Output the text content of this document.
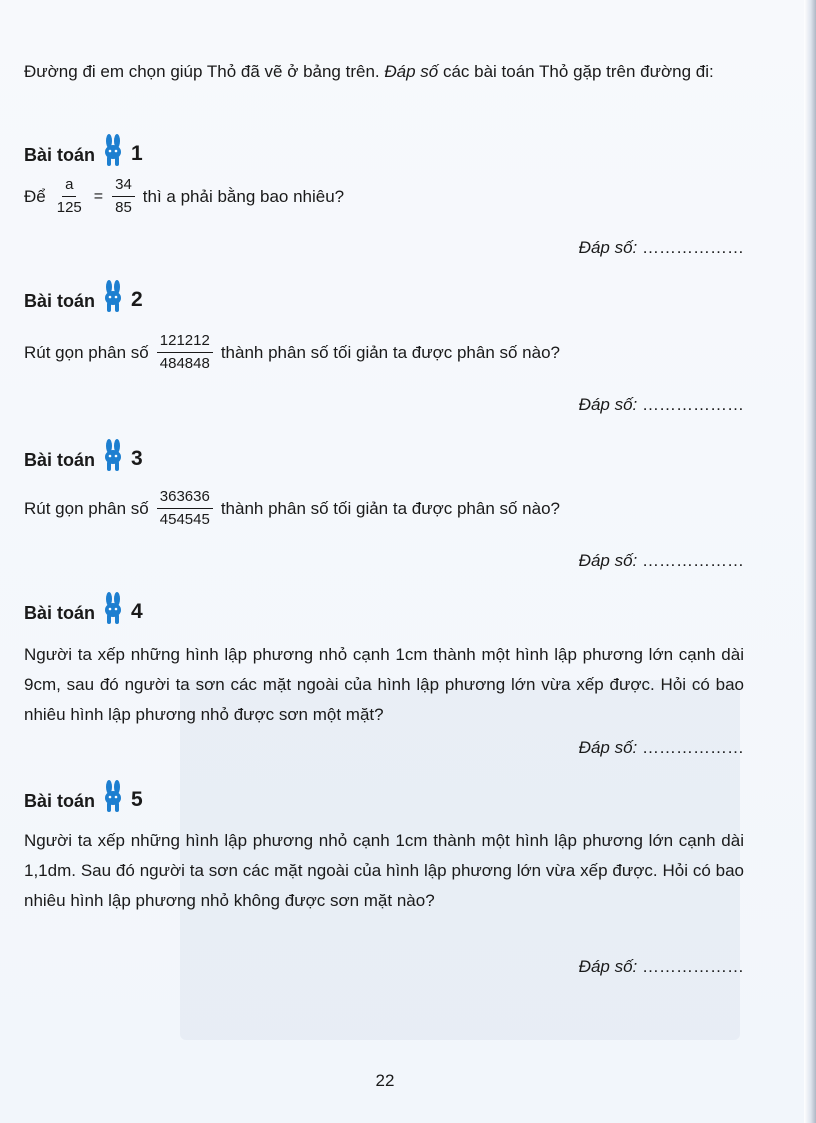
Đường đi em chọn giúp Thỏ đã vẽ ở bảng trên. Đáp số các bài toán Thỏ gặp trên đường đi:
Bài toán 1
Để $\frac{a}{125} = \frac{34}{85}$ thì a phải bằng bao nhiêu?
Đáp số: ………………
Bài toán 2
Rút gọn phân số $\frac{121212}{484848}$ thành phân số tối giản ta được phân số nào?
Đáp số: ………………
Bài toán 3
Rút gọn phân số $\frac{363636}{454545}$ thành phân số tối giản ta được phân số nào?
Đáp số: ………………
Bài toán 4
Người ta xếp những hình lập phương nhỏ cạnh 1cm thành một hình lập phương lớn cạnh dài 9cm, sau đó người ta sơn các mặt ngoài của hình lập phương lớn vừa xếp được. Hỏi có bao nhiêu hình lập phương nhỏ được sơn một mặt?
Đáp số: ………………
Bài toán 5
Người ta xếp những hình lập phương nhỏ cạnh 1cm thành một hình lập phương lớn cạnh dài 1,1dm. Sau đó người ta sơn các mặt ngoài của hình lập phương lớn vừa xếp được. Hỏi có bao nhiêu hình lập phương nhỏ không được sơn mặt nào?
Đáp số: ………………
22
